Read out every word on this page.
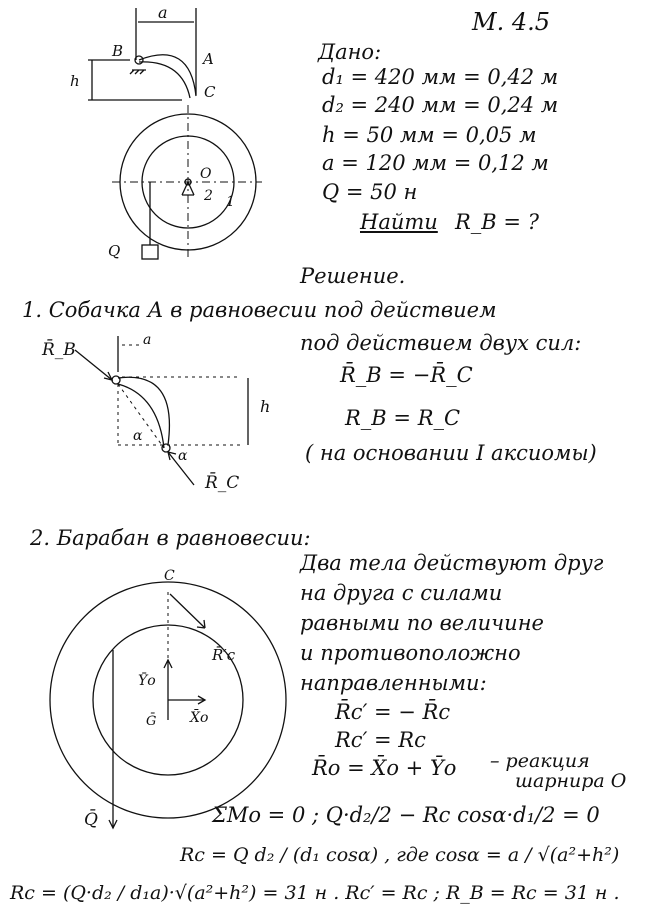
a
B	A
h
C
O
2 1
Q
R̄_B	a
h
α
α
R̄_C
C
R̄′c
Ȳo
X̄o
Ḡ
Q̄
М. 4.5
Дано:
d₁ = 420 мм = 0,42 м
d₂ = 240 мм = 0,24 м
h = 50 мм = 0,05 м
a = 120 мм = 0,12 м
Q = 50 н
Найти R_B = ?
Решение.
1. Собачка А в равновесии под действием
под действием двух сил:
R̄_B = −R̄_C
R_B = R_C
( на основании I аксиомы)
2. Барабан в равновесии:
Два тела действуют друг
на друга с силами
равными по величине
и противоположно
направленными:
R̄c′ = − R̄c
Rc′ = Rc
R̄o = X̄o + Ȳo – реакция
шарнира O
ΣMo = 0 ; Q·d₂/2 − Rc cosα·d₁/2 = 0
Rc = Q d₂ / (d₁ cosα) , где cosα = a / √(a²+h²)
Rc = (Q·d₂ / d₁a)·√(a²+h²) = 31 н . Rc′ = Rc ; R_B = Rc = 31 н .
